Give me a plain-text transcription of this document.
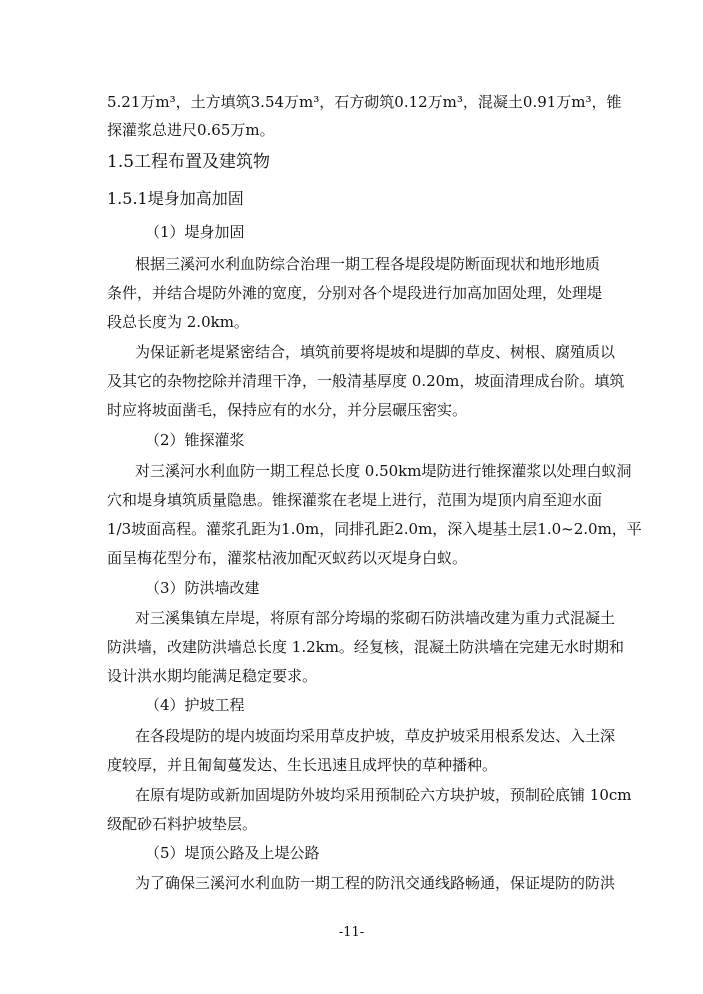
5.21万m³，土方填筑3.54万m³，石方砌筑0.12万m³，混凝土0.91万m³，锥
探灌浆总进尺0.65万m。
1.5工程布置及建筑物
1.5.1堤身加高加固
（1）堤身加固
根据三溪河水利血防综合治理一期工程各堤段堤防断面现状和地形地质
条件，并结合堤防外滩的宽度，分别对各个堤段进行加高加固处理，处理堤
段总长度为 2.0km。
为保证新老堤紧密结合，填筑前要将堤坡和堤脚的草皮、树根、腐殖质以
及其它的杂物挖除并清理干净，一般清基厚度 0.20m，坡面清理成台阶。填筑
时应将坡面凿毛，保持应有的水分，并分层碾压密实。
（2）锥探灌浆
对三溪河水利血防一期工程总长度 0.50km堤防进行锥探灌浆以处理白蚁洞
穴和堤身填筑质量隐患。锥探灌浆在老堤上进行，范围为堤顶内肩至迎水面
1/3坡面高程。灌浆孔距为1.0m，同排孔距2.0m，深入堤基土层1.0~2.0m，平
面呈梅花型分布，灌浆枯液加配灭蚁药以灭堤身白蚁。
（3）防洪墙改建
对三溪集镇左岸堤，将原有部分垮塌的浆砌石防洪墙改建为重力式混凝土
防洪墙，改建防洪墙总长度 1.2km。经复核，混凝土防洪墙在完建无水时期和
设计洪水期均能满足稳定要求。
（4）护坡工程
在各段堤防的堤内坡面均采用草皮护坡，草皮护坡采用根系发达、入土深
度较厚，并且匍匐蔓发达、生长迅速且成坪快的草种播种。
在原有堤防或新加固堤防外坡均采用预制砼六方块护坡，预制砼底铺 10cm
级配砂石料护坡垫层。
（5）堤顶公路及上堤公路
为了确保三溪河水利血防一期工程的防汛交通线路畅通，保证堤防的防洪
-11-
